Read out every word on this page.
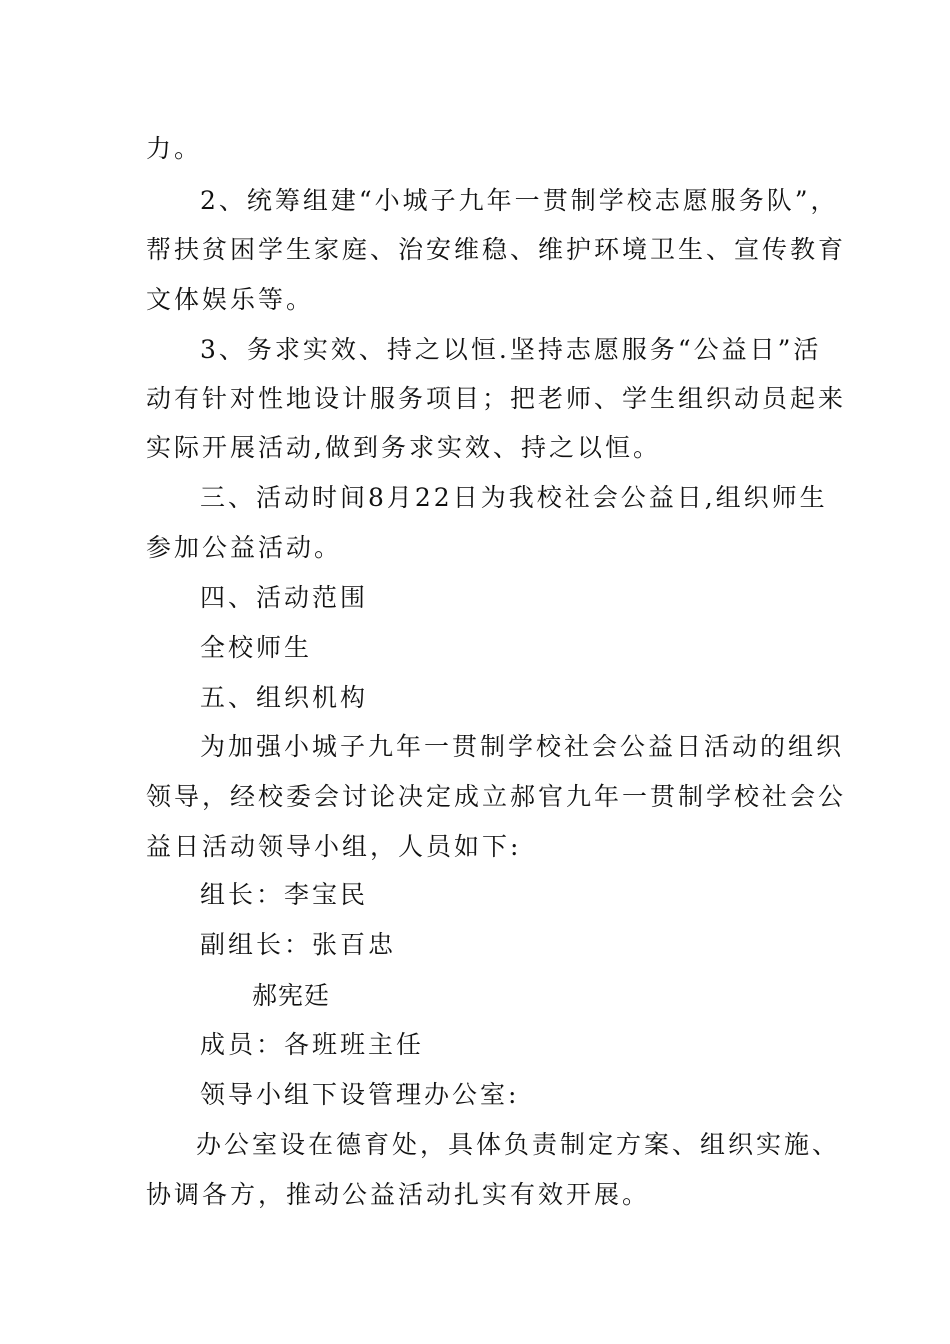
力。
2、统筹组建“小城子九年一贯制学校志愿服务队”，
帮扶贫困学生家庭、治安维稳、维护环境卫生、宣传教育
文体娱乐等。
3、务求实效、持之以恒.坚持志愿服务“公益日”活
动有针对性地设计服务项目；把老师、学生组织动员起来
实际开展活动,做到务求实效、持之以恒。
三、活动时间8月22日为我校社会公益日,组织师生
参加公益活动。
四、活动范围
全校师生
五、组织机构
为加强小城子九年一贯制学校社会公益日活动的组织
领导，经校委会讨论决定成立郝官九年一贯制学校社会公
益日活动领导小组，人员如下:
组长：李宝民
副组长：张百忠
郝宪廷
成员：各班班主任
领导小组下设管理办公室:
办公室设在德育处，具体负责制定方案、组织实施、
协调各方，推动公益活动扎实有效开展。
